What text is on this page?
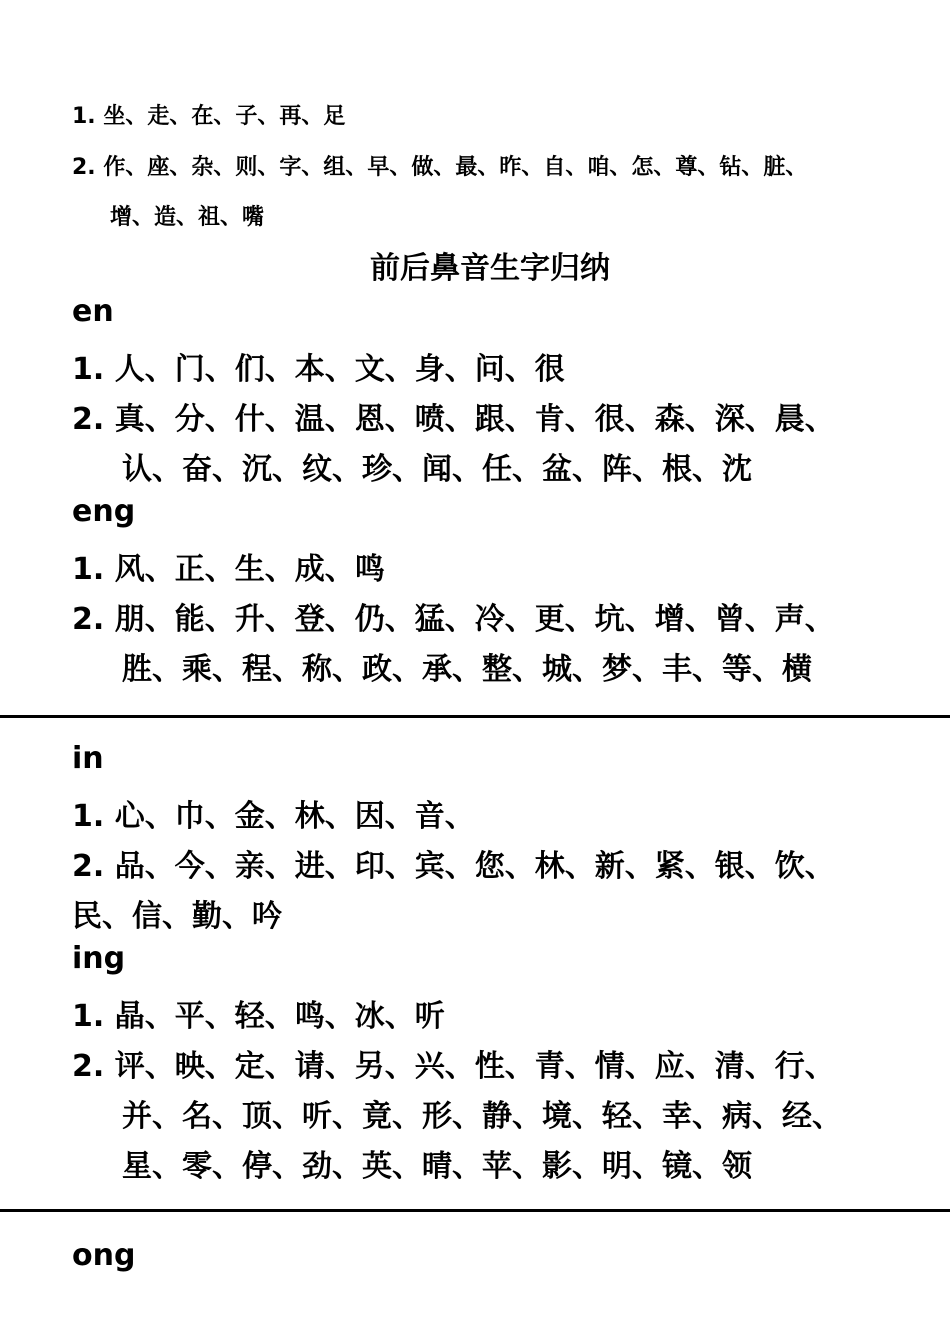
1. 坐、走、在、子、再、足
2. 作、座、杂、则、字、组、早、做、最、昨、自、咱、怎、尊、钻、脏、
增、造、祖、嘴
前后鼻音生字归纳
en
1. 人、门、们、本、文、身、问、很
2. 真、分、什、温、恩、喷、跟、肯、很、森、深、晨、
认、奋、沉、纹、珍、闻、任、盆、阵、根、沈
eng
1. 风、正、生、成、鸣
2. 朋、能、升、登、仍、猛、冷、更、坑、增、曾、声、
胜、乘、程、称、政、承、整、城、梦、丰、等、横
in
1. 心、巾、金、林、因、音、
2. 品、今、亲、进、印、宾、您、林、新、紧、银、饮、
民、信、勤、吟
ing
1. 晶、平、轻、鸣、冰、听
2. 评、映、定、请、另、兴、性、青、情、应、清、行、
并、名、顶、听、竟、形、静、境、轻、幸、病、经、
星、零、停、劲、英、晴、苹、影、明、镜、领
ong
